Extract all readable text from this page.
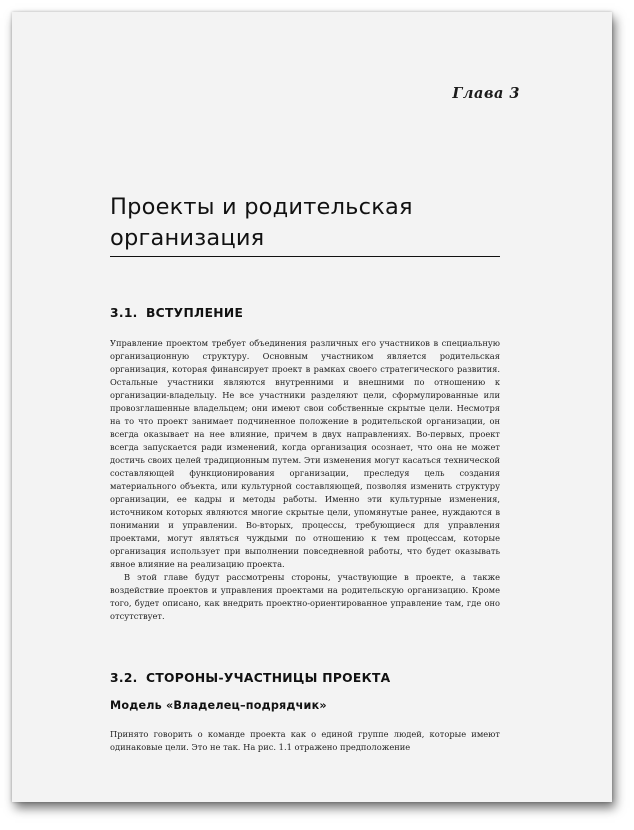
Глава 3
Проекты и родительская организация
3.1. ВСТУПЛЕНИЕ

Управление проектом требует объединения различных его участников в специальную организационную структуру. Основным участником является родительская организация, которая финансирует проект в рамках своего стратегического развития. Остальные участники являются внутренними и внешними по отношению к организации-владельцу. Не все участники разделяют цели, сформулированные или провозглашенные владельцем; они имеют свои собственные скрытые цели. Несмотря на то что проект занимает подчиненное положение в родительской организации, он всегда оказывает на нее влияние, причем в двух направлениях. Во-первых, проект всегда запускается ради изменений, когда организация осознает, что она не может достичь своих целей традиционным путем. Эти изменения могут касаться технической составляющей функционирования организации, преследуя цель создания материального объекта, или культурной составляющей, позволяя изменить структуру организации, ее кадры и методы работы. Именно эти культурные изменения, источником которых являются многие скрытые цели, упомянутые ранее, нуждаются в понимании и управлении. Во-вторых, процессы, требующиеся для управления проектами, могут являться чуждыми по отношению к тем процессам, которые организация использует при выполнении повседневной работы, что будет оказывать явное влияние на реализацию проекта.

В этой главе будут рассмотрены стороны, участвующие в проекте, а также воздействие проектов и управления проектами на родительскую организацию. Кроме того, будет описано, как внедрить проектно-ориентированное управление там, где оно отсутствует.

3.2. СТОРОНЫ-УЧАСТНИЦЫ ПРОЕКТА
Модель «Владелец–подрядчик»

Принято говорить о команде проекта как о единой группе людей, которые имеют одинаковые цели. Это не так. На рис. 1.1 отражено предположение
